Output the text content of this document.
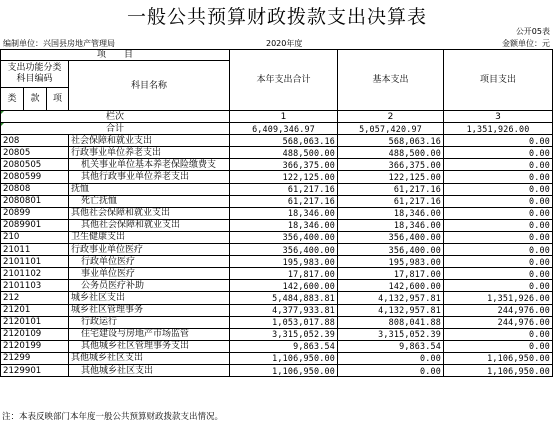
一般公共预算财政拨款支出决算表
公开05表
编制单位：兴国县房地产管理局	2020年度	金额单位：元
项　　目				本年支出合计	基本支出	项目支出

支出功能分类
科目编码			科目名称			

类	款	项				
栏次				1	2	3
合计				6,409,346.97	5,057,420.97	1,351,926.00
208			社会保障和就业支出	568,063.16	568,063.16	0.00
20805			行政事业单位养老支出	488,500.00	488,500.00	0.00
2080505			机关事业单位基本养老保险缴费支	366,375.00	366,375.00	0.00
2080599			其他行政事业单位养老支出	122,125.00	122,125.00	0.00
20808			抚恤	61,217.16	61,217.16	0.00
2080801			死亡抚恤	61,217.16	61,217.16	0.00
20899			其他社会保障和就业支出	18,346.00	18,346.00	0.00
2089901			其他社会保障和就业支出	18,346.00	18,346.00	0.00
210			卫生健康支出	356,400.00	356,400.00	0.00
21011			行政事业单位医疗	356,400.00	356,400.00	0.00
2101101			行政单位医疗	195,983.00	195,983.00	0.00
2101102			事业单位医疗	17,817.00	17,817.00	0.00
2101103			公务员医疗补助	142,600.00	142,600.00	0.00
212			城乡社区支出	5,484,883.81	4,132,957.81	1,351,926.00
21201			城乡社区管理事务	4,377,933.81	4,132,957.81	244,976.00
2120101			行政运行	1,053,017.88	808,041.88	244,976.00
2120109			住宅建设与房地产市场监管	3,315,052.39	3,315,052.39	0.00
2120199			其他城乡社区管理事务支出	9,863.54	9,863.54	0.00
21299			其他城乡社区支出	1,106,950.00	0.00	1,106,950.00
2129901			其他城乡社区支出	1,106,950.00	0.00	1,106,950.00
注：本表反映部门本年度一般公共预算财政拨款支出情况。
